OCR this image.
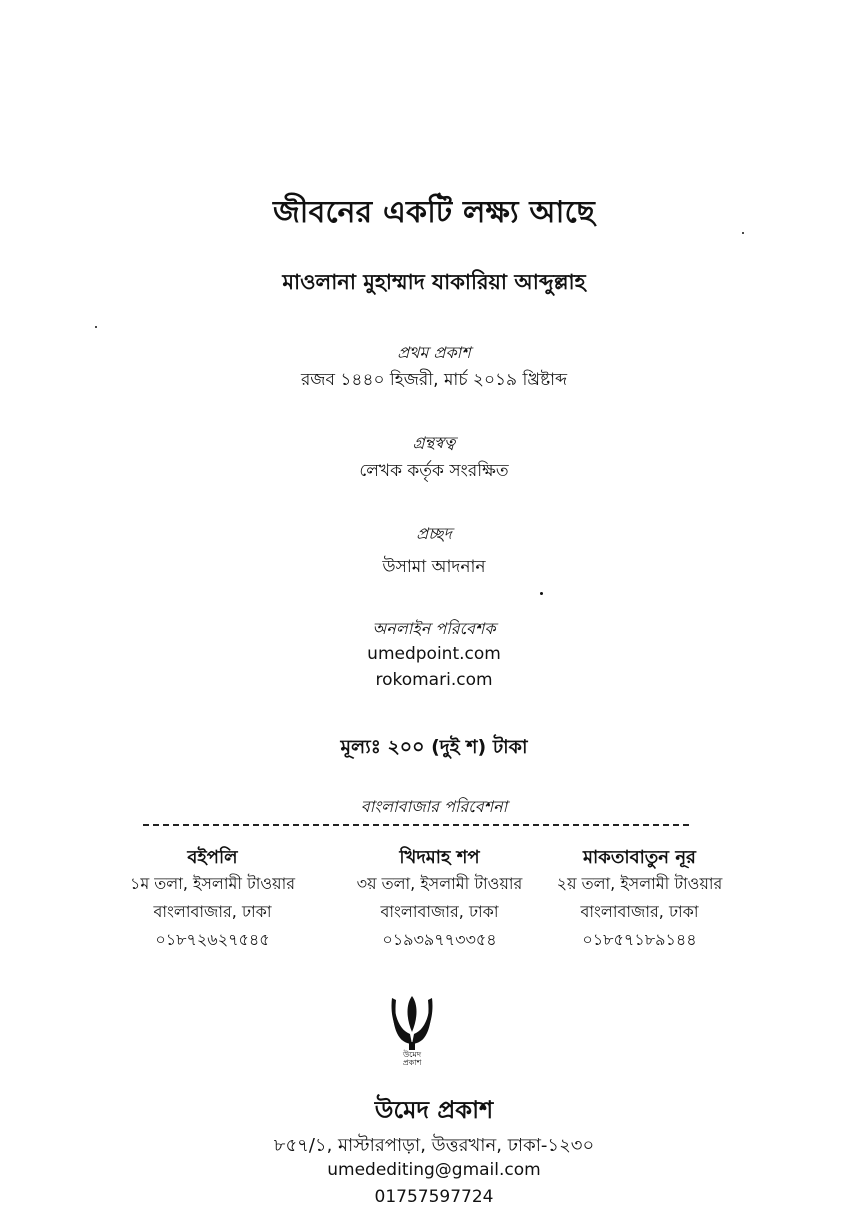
জীবনের একটি লক্ষ্য আছে
মাওলানা মুহাম্মাদ যাকারিয়া আব্দুল্লাহ
প্রথম প্রকাশ
রজব ১৪৪০ হিজরী, মার্চ ২০১৯ খ্রিষ্টাব্দ
গ্রন্থস্বত্ব
লেখক কর্তৃক সংরক্ষিত
প্রচ্ছদ
উসামা আদনান
অনলাইন পরিবেশক
umedpoint.com
rokomari.com
মূল্যঃ ২০০ (দুই শ) টাকা
বাংলাবাজার পরিবেশনা
বইপলি
১ম তলা, ইসলামী টাওয়ার
বাংলাবাজার, ঢাকা
০১৮৭২৬২৭৫৪৫
খিদমাহ শপ
৩য় তলা, ইসলামী টাওয়ার
বাংলাবাজার, ঢাকা
০১৯৩৯৭৭৩৩৫৪
মাকতাবাতুন নূর
২য় তলা, ইসলামী টাওয়ার
বাংলাবাজার, ঢাকা
০১৮৫৭১৮৯১৪৪
উমেদ
প্রকাশ
উমেদ প্রকাশ
৮৫৭/১, মাস্টারপাড়া, উত্তরখান, ঢাকা-১২৩০
umedediting@gmail.com
01757597724
